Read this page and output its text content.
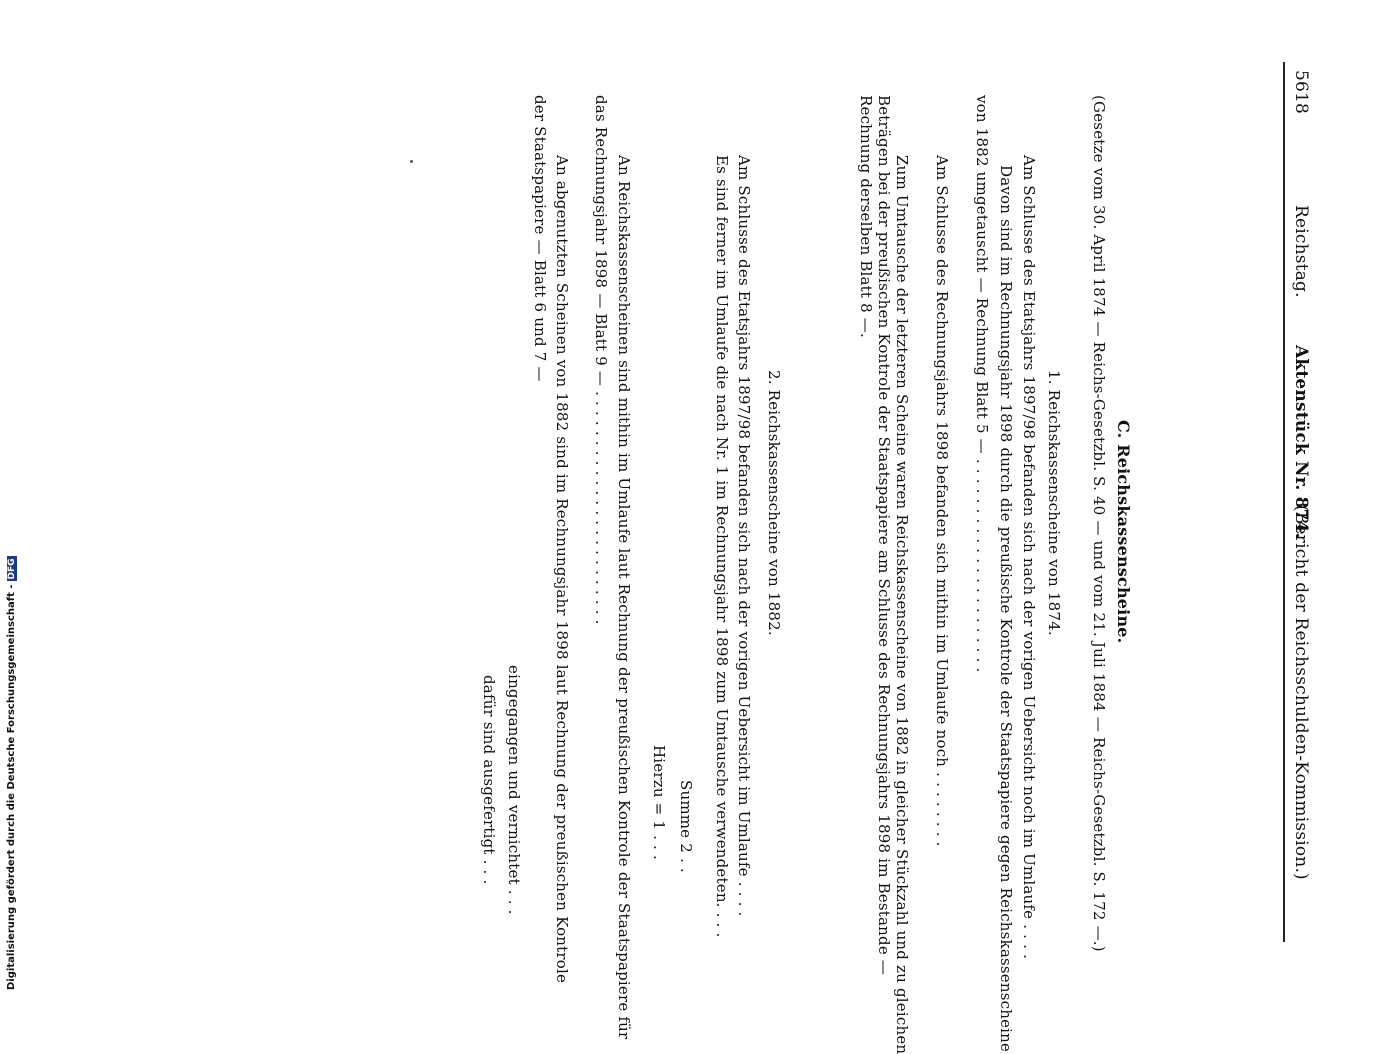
5618
Reichstag.
Aktenstück Nr. 874.
(Bericht der Reichsschulden-Kommission.)
C. Reichskassenscheine.
(Gesetze vom 30. April 1874 — Reichs-Gesetzbl. S. 40 — und vom 21. Juli 1884 — Reichs-Gesetzbl. S. 172 —.)
1. Reichskassenscheine von 1874.
Am Schlusse des Etatsjahrs 1897/98 befanden sich nach der vorigen Uebersicht noch im Umlaufe . . . .
Davon sind im Rechnungsjahr 1898 durch die preußische Kontrole der Staatspapiere gegen Reichskassenscheine
von 1882 umgetauscht — Rechnung Blatt 5 — . . . . . . . . . . . . . . . . . . . . . .
Am Schlusse des Rechnungsjahrs 1898 befanden sich mithin im Umlaufe noch . . . . . . . .
Zum Umtausche der letzteren Scheine waren Reichskassenscheine von 1882 in gleicher Stückzahl und zu gleichen
Beträgen bei der preußischen Kontrole der Staatspapiere am Schlusse des Rechnungsjahrs 1898 im Bestande —
Rechnung derselben Blatt 8 —.
2. Reichskassenscheine von 1882.
Am Schlusse des Etatsjahrs 1897/98 befanden sich nach der vorigen Uebersicht im Umlaufe . . . .
Es sind ferner im Umlaufe die nach Nr. 1 im Rechnungsjahr 1898 zum Umtausche verwendeten. . . .
Summe 2 . .
Hierzu = 1 . . .
An Reichskassenscheinen sind mithin im Umlaufe laut Rechnung der preußischen Kontrole der Staatspapiere für
das Rechnungsjahr 1898 — Blatt 9 — . . . . . . . . . . . . . . . . . . . . . . . .
An abgenutzten Scheinen von 1882 sind im Rechnungsjahr 1898 laut Rechnung der preußischen Kontrole
der Staatspapiere — Blatt 6 und 7 —
eingegangen und vernichtet . . .
dafür sind ausgefertigt . . .
Digitalisierung gefördert durch die Deutsche Forschungsgemeinschaft -DFG
